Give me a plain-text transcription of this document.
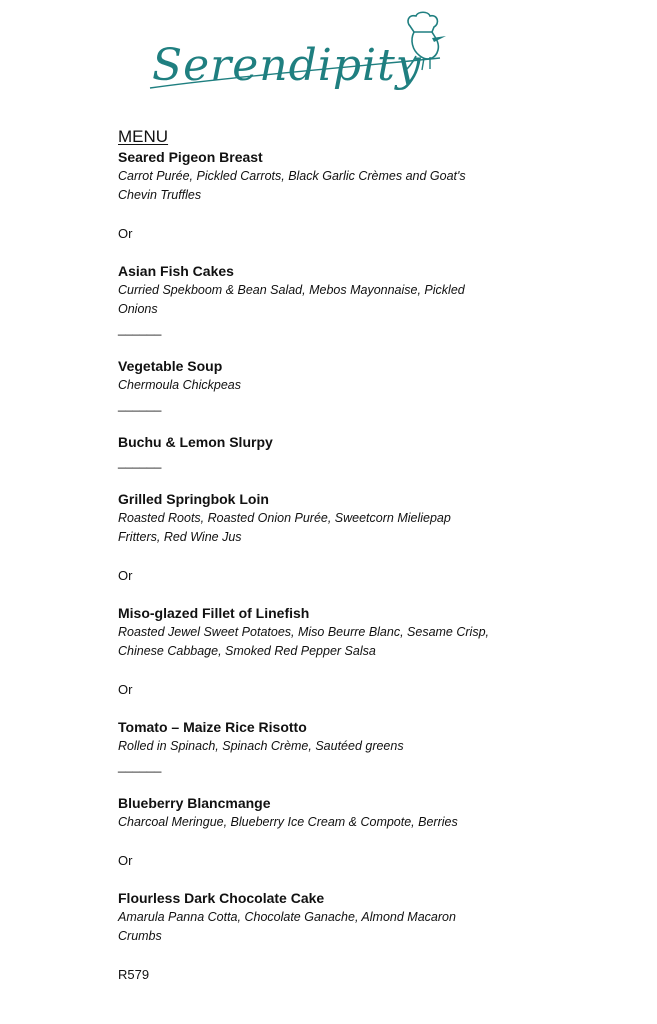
Serendipity
MENU

Seared Pigeon Breast

Carrot Purée, Pickled Carrots, Black Garlic Crèmes and Goat's

Chevin Truffles

Or

Asian Fish Cakes

Curried Spekboom & Bean Salad, Mebos Mayonnaise, Pickled

Onions

______

Vegetable Soup

Chermoula Chickpeas

______

Buchu & Lemon Slurpy

______

Grilled Springbok Loin

Roasted Roots, Roasted Onion Purée, Sweetcorn Mieliepap

Fritters, Red Wine Jus

Or

Miso-glazed Fillet of Linefish

Roasted Jewel Sweet Potatoes, Miso Beurre Blanc, Sesame Crisp,

Chinese Cabbage, Smoked Red Pepper Salsa

Or

Tomato – Maize Rice Risotto

Rolled in Spinach, Spinach Crème, Sautéed greens

______

Blueberry Blancmange

Charcoal Meringue, Blueberry Ice Cream & Compote, Berries

Or

Flourless Dark Chocolate Cake

Amarula Panna Cotta, Chocolate Ganache, Almond Macaron

Crumbs

R579
